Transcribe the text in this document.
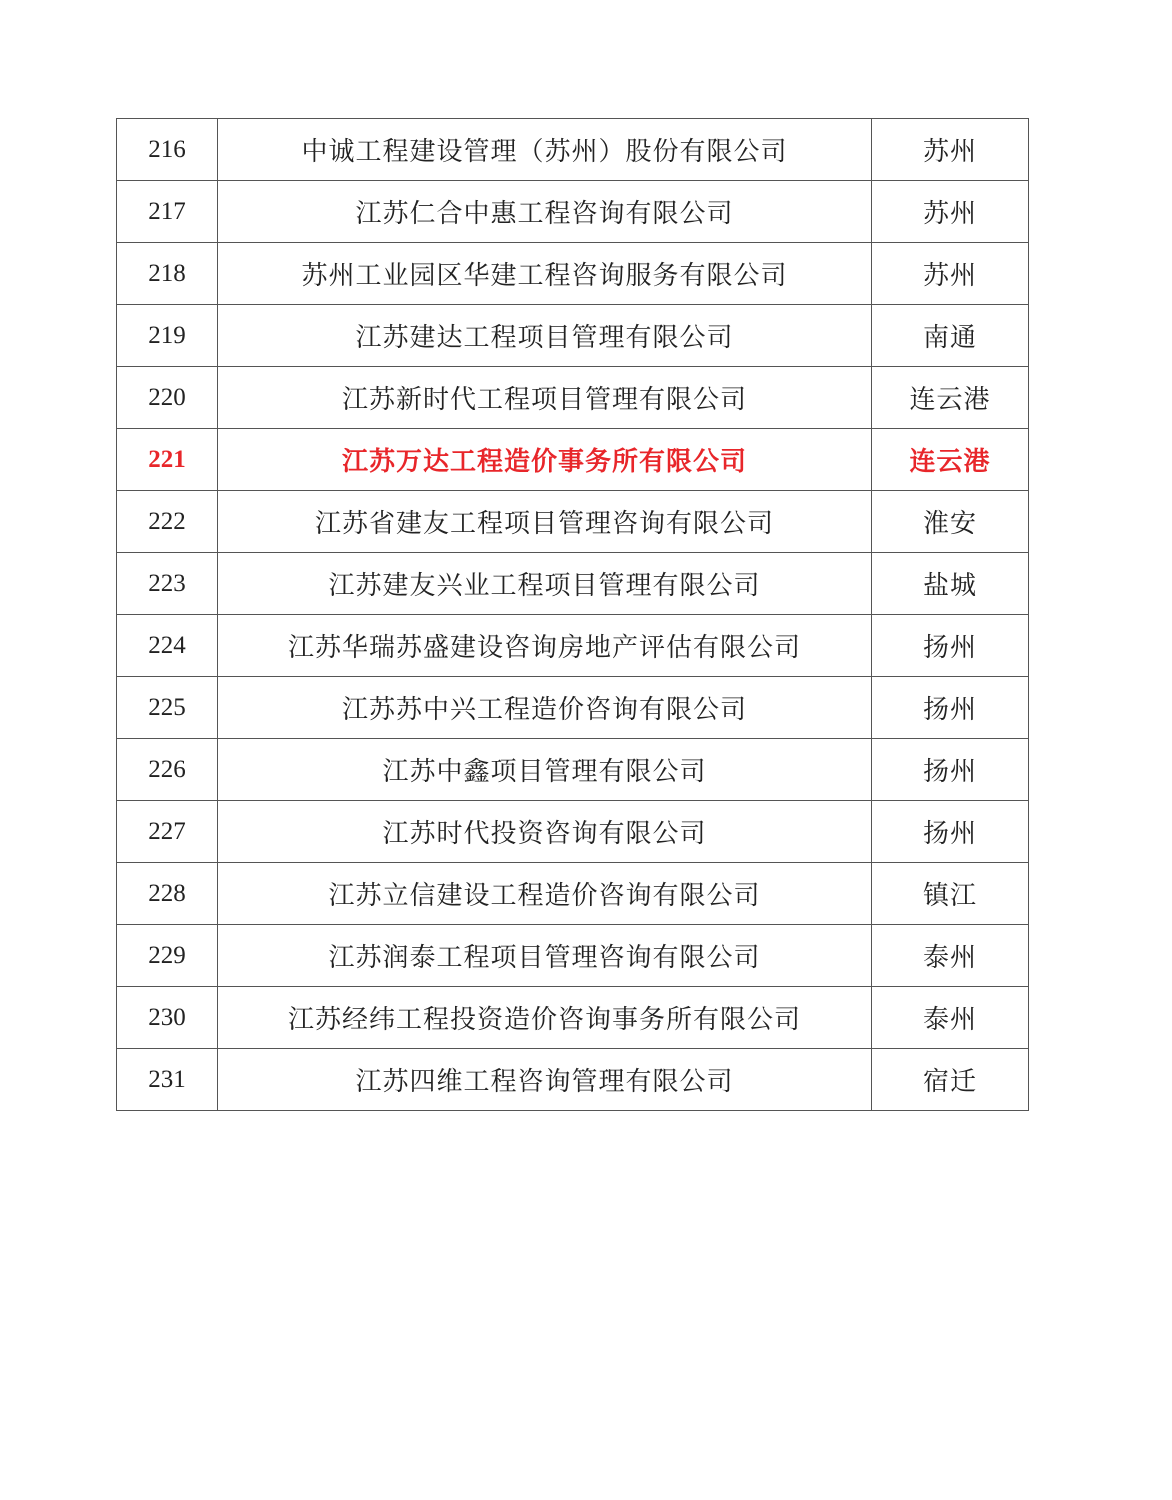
216	中诚工程建设管理（苏州）股份有限公司	苏州
217	江苏仁合中惠工程咨询有限公司	苏州
218	苏州工业园区华建工程咨询服务有限公司	苏州
219	江苏建达工程项目管理有限公司	南通
220	江苏新时代工程项目管理有限公司	连云港
221	江苏万达工程造价事务所有限公司	连云港
222	江苏省建友工程项目管理咨询有限公司	淮安
223	江苏建友兴业工程项目管理有限公司	盐城
224	江苏华瑞苏盛建设咨询房地产评估有限公司	扬州
225	江苏苏中兴工程造价咨询有限公司	扬州
226	江苏中鑫项目管理有限公司	扬州
227	江苏时代投资咨询有限公司	扬州
228	江苏立信建设工程造价咨询有限公司	镇江
229	江苏润泰工程项目管理咨询有限公司	泰州
230	江苏经纬工程投资造价咨询事务所有限公司	泰州
231	江苏四维工程咨询管理有限公司	宿迁
